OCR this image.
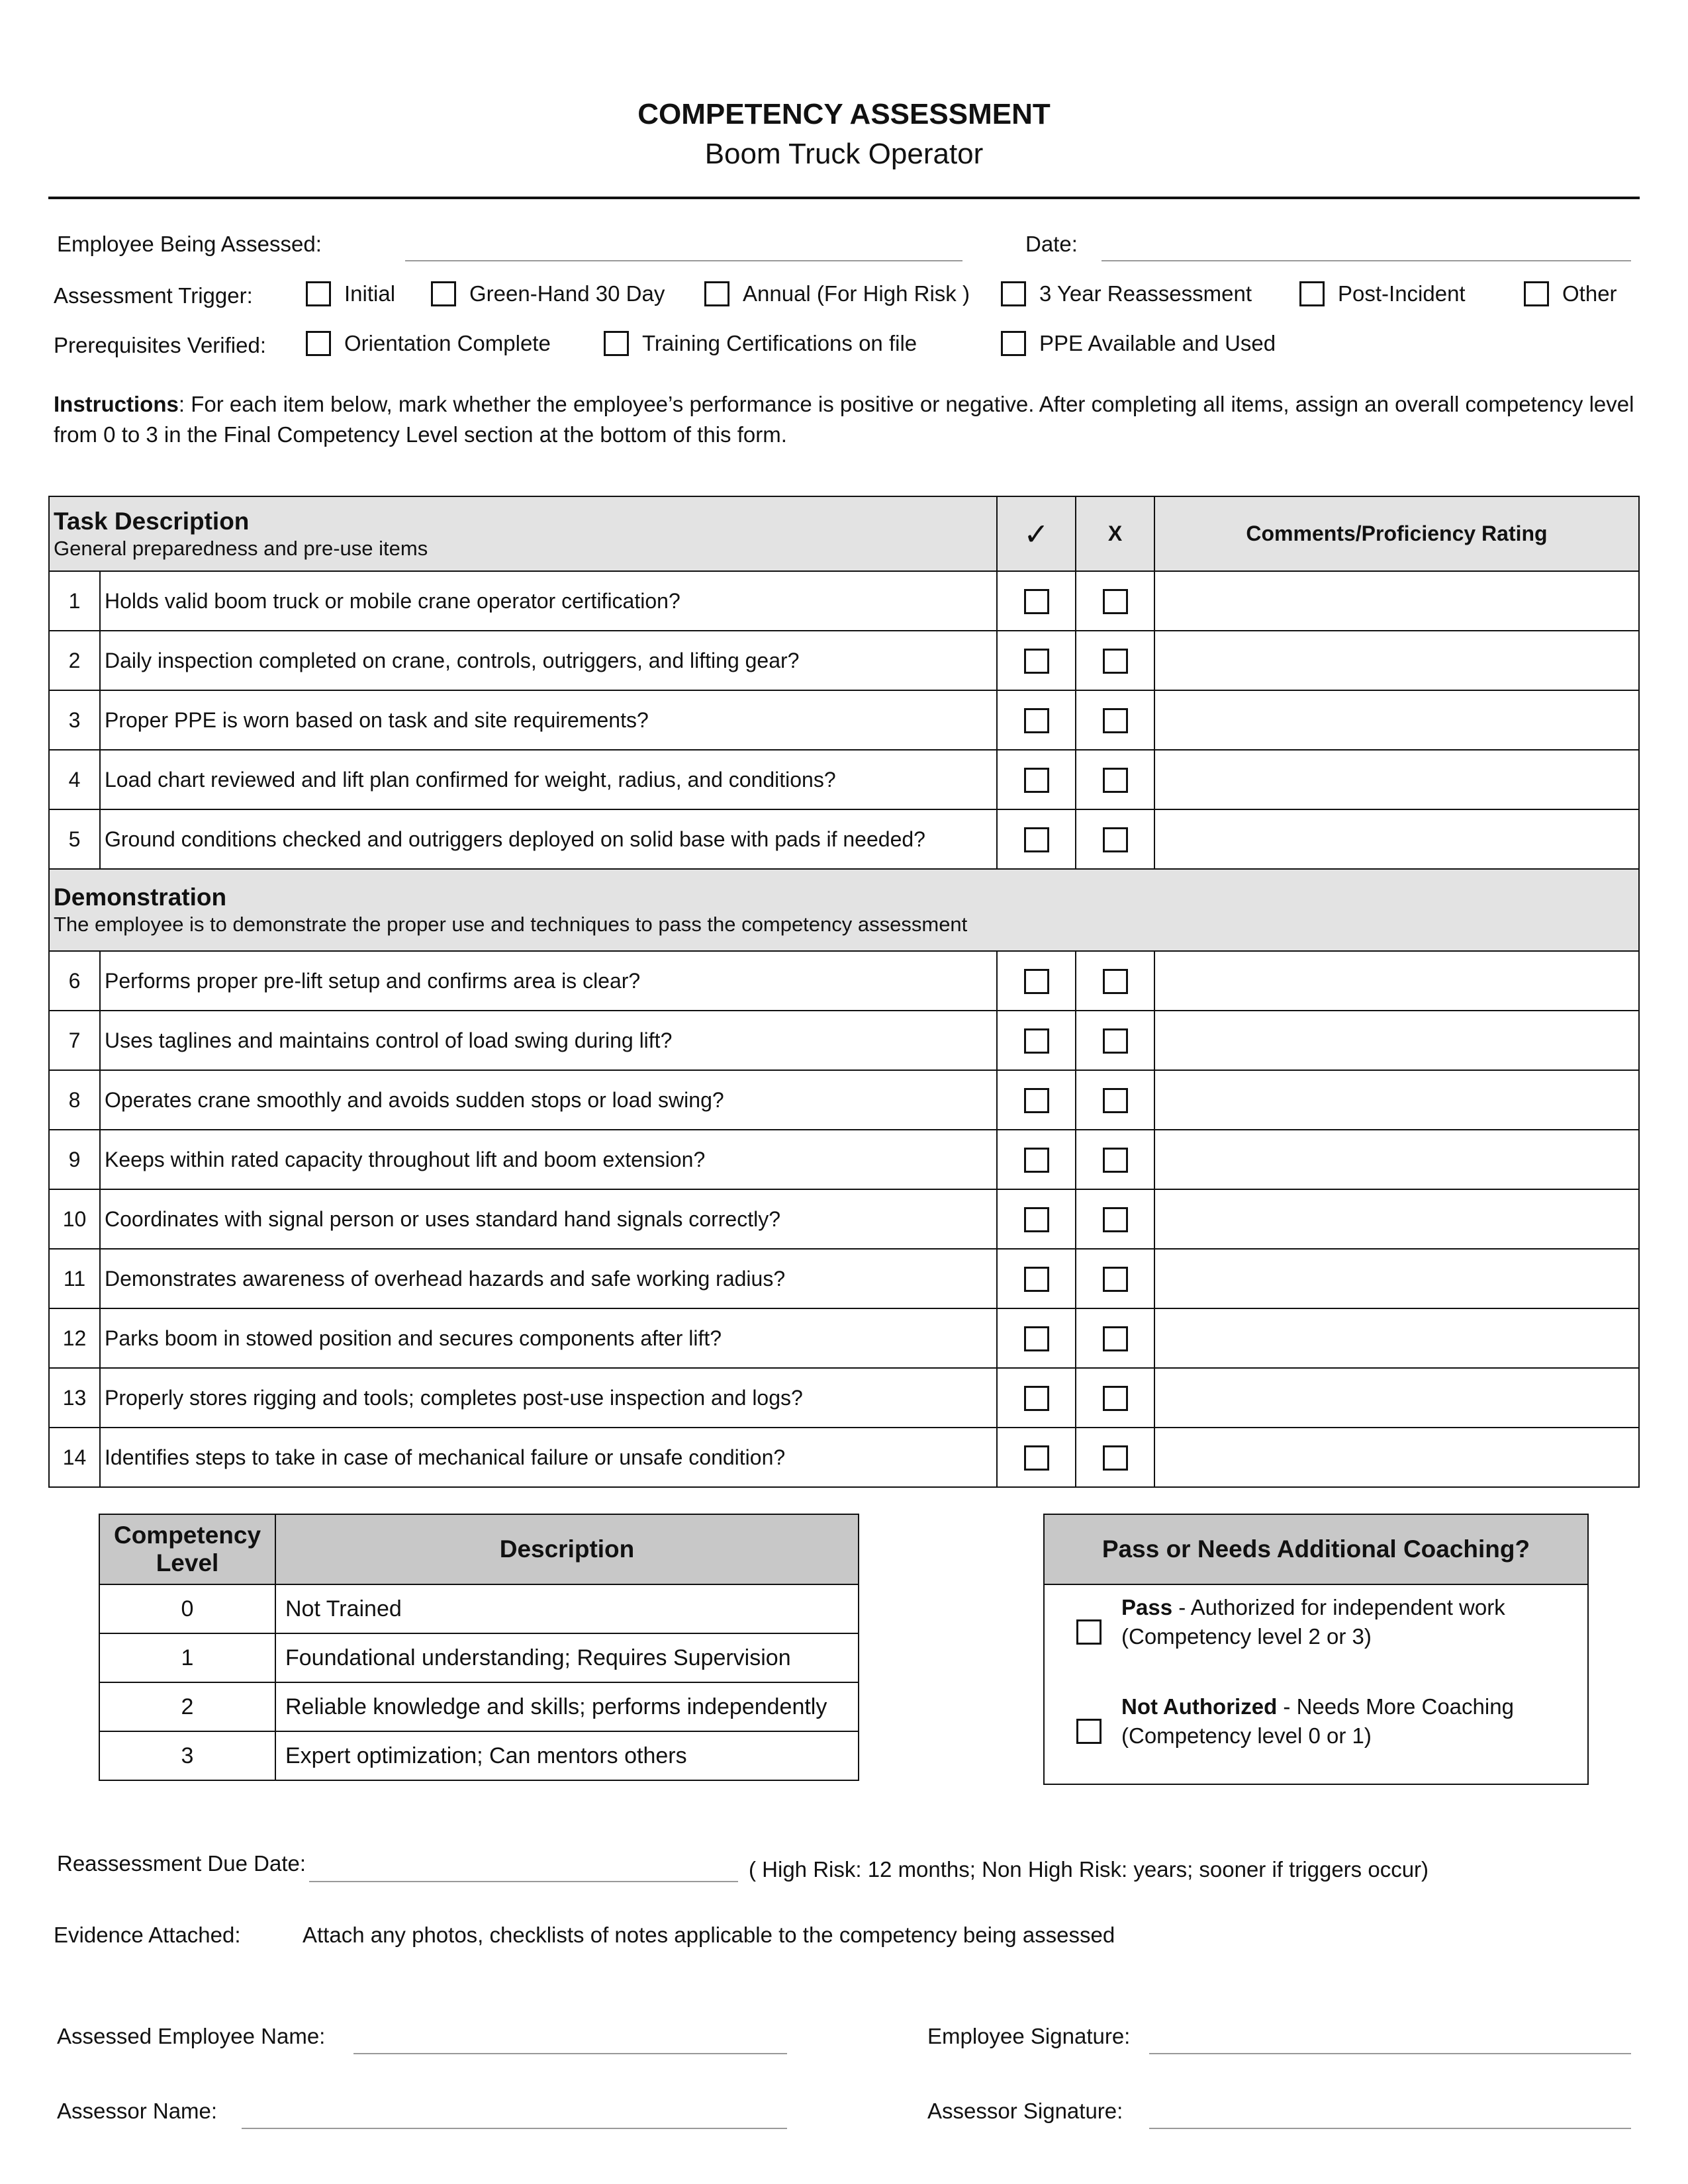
COMPETENCY ASSESSMENT
Boom Truck Operator
Employee Being Assessed:	Date:
Assessment Trigger:	Initial	Green-Hand 30 Day	Annual (For High Risk )	3 Year Reassessment	Post-Incident	Other
Prerequisites Verified:	Orientation Complete	Training Certifications on file	PPE Available and Used
Instructions: For each item below, mark whether the employee’s performance is positive or negative. After completing all items, assign an overall competency level from 0 to 3 in the Final Competency Level section at the bottom of this form.
Task Description
General preparedness and pre-use items		✓	X	Comments/Proficiency Rating
1	Holds valid boom truck or mobile crane operator certification?			
2	Daily inspection completed on crane, controls, outriggers, and lifting gear?			
3	Proper PPE is worn based on task and site requirements?			
4	Load chart reviewed and lift plan confirmed for weight, radius, and conditions?			
5	Ground conditions checked and outriggers deployed on solid base with pads if needed?			

Demonstration
The employee is to demonstrate the proper use and techniques to pass the competency assessment				

6	Performs proper pre-lift setup and confirms area is clear?			
7	Uses taglines and maintains control of load swing during lift?			
8	Operates crane smoothly and avoids sudden stops or load swing?			
9	Keeps within rated capacity throughout lift and boom extension?			
10	Coordinates with signal person or uses standard hand signals correctly?			
11	Demonstrates awareness of overhead hazards and safe working radius?			
12	Parks boom in stowed position and secures components after lift?			
13	Properly stores rigging and tools; completes post-use inspection and logs?			
14	Identifies steps to take in case of mechanical failure or unsafe condition?			
Competency Level	Description
0	Not Trained
1	Foundational understanding; Requires Supervision
2	Reliable knowledge and skills; performs independently
3	Expert optimization; Can mentors others
Pass or Needs Additional Coaching?
Pass - Authorized for independent work
(Competency level 2 or 3)
Not Authorized - Needs More Coaching
(Competency level 0 or 1)
Reassessment Due Date:	( High Risk: 12 months; Non High Risk: years; sooner if triggers occur)
Evidence Attached:	Attach any photos, checklists of notes applicable to the competency being assessed
Assessed Employee Name:	Employee Signature:
Assessor Name:	Assessor Signature:
